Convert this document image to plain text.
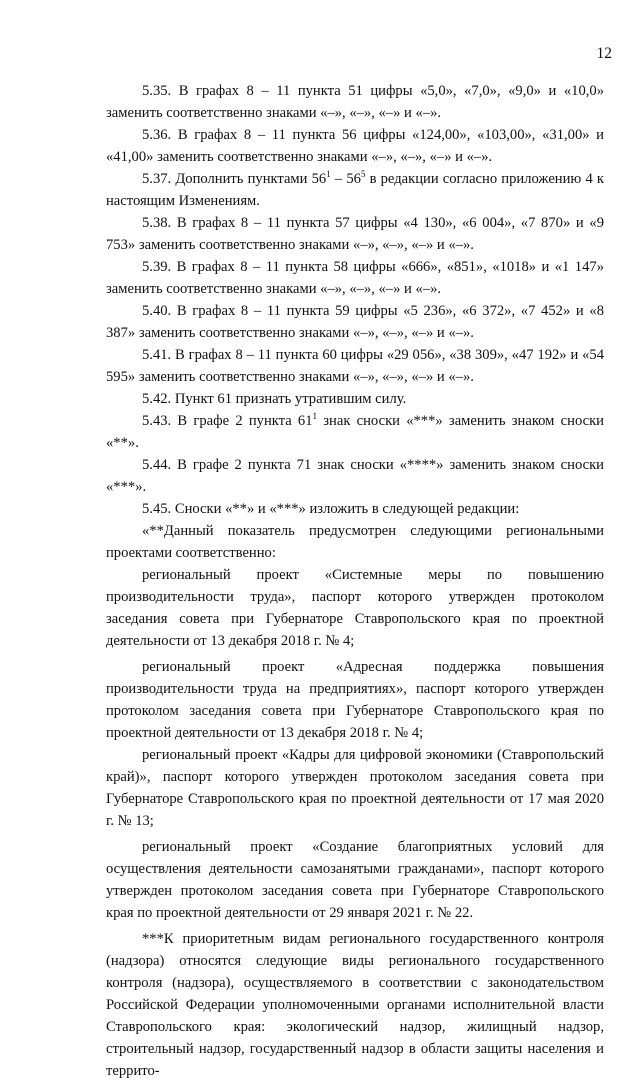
12

5.35. В графах 8 – 11 пункта 51 цифры «5,0», «7,0», «9,0» и «10,0» заменить соответственно знаками «–», «–», «–» и «–».

5.36. В графах 8 – 11 пункта 56 цифры «124,00», «103,00», «31,00» и «41,00» заменить соответственно знаками «–», «–», «–» и «–».

5.37. Дополнить пунктами $56^1 - 56^5$ в редакции согласно приложению 4 к настоящим Изменениям.

5.38. В графах 8 – 11 пункта 57 цифры «4 130», «6 004», «7 870» и «9 753» заменить соответственно знаками «–», «–», «–» и «–».

5.39. В графах 8 – 11 пункта 58 цифры «666», «851», «1018» и «1 147» заменить соответственно знаками «–», «–», «–» и «–».

5.40. В графах 8 – 11 пункта 59 цифры «5 236», «6 372», «7 452» и «8 387» заменить соответственно знаками «–», «–», «–» и «–».

5.41. В графах 8 – 11 пункта 60 цифры «29 056», «38 309», «47 192» и «54 595» заменить соответственно знаками «–», «–», «–» и «–».

5.42. Пункт 61 признать утратившим силу.

5.43. В графе 2 пункта $61^1$ знак сноски «***» заменить знаком сноски «**».

5.44. В графе 2 пункта 71 знак сноски «****» заменить знаком сноски «***».

5.45. Сноски «**» и «***» изложить в следующей редакции:

«**Данный показатель предусмотрен следующими региональными проектами соответственно:

региональный проект «Системные меры по повышению производительности труда», паспорт которого утвержден протоколом заседания совета при Губернаторе Ставропольского края по проектной деятельности от 13 декабря 2018 г. № 4;

региональный проект «Адресная поддержка повышения производительности труда на предприятиях», паспорт которого утвержден протоколом заседания совета при Губернаторе Ставропольского края по проектной деятельности от 13 декабря 2018 г. № 4;

региональный проект «Кадры для цифровой экономики (Ставропольский край)», паспорт которого утвержден протоколом заседания совета при Губернаторе Ставропольского края по проектной деятельности от 17 мая 2020 г. № 13;

региональный проект «Создание благоприятных условий для осуществления деятельности самозанятыми гражданами», паспорт которого утвержден протоколом заседания совета при Губернаторе Ставропольского края по проектной деятельности от 29 января 2021 г. № 22.

***К приоритетным видам регионального государственного контроля (надзора) относятся следующие виды регионального государственного контроля (надзора), осуществляемого в соответствии с законодательством Российской Федерации уполномоченными органами исполнительной власти Ставропольского края: экологический надзор, жилищный надзор, строительный надзор, государственный надзор в области защиты населения и террито-
